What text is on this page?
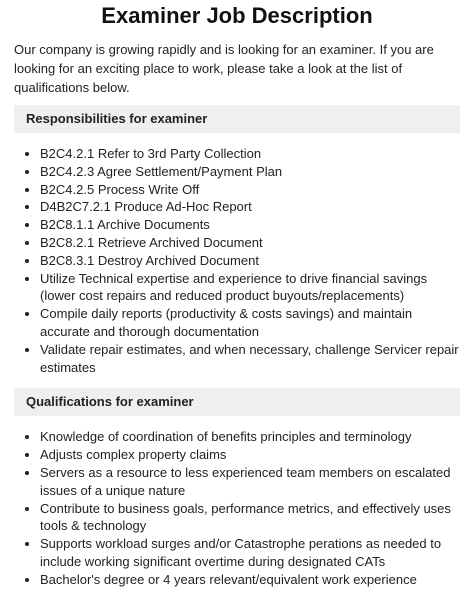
Examiner Job Description

Our company is growing rapidly and is looking for an examiner. If you are looking for an exciting place to work, please take a look at the list of qualifications below.

Responsibilities for examiner
• B2C4.2.1 Refer to 3rd Party Collection
• B2C4.2.3 Agree Settlement/Payment Plan
• B2C4.2.5 Process Write Off
• D4B2C7.2.1 Produce Ad-Hoc Report
• B2C8.1.1 Archive Documents
• B2C8.2.1 Retrieve Archived Document
• B2C8.3.1 Destroy Archived Document
• Utilize Technical expertise and experience to drive financial savings (lower cost repairs and reduced product buyouts/replacements)
• Compile daily reports (productivity & costs savings) and maintain accurate and thorough documentation
• Validate repair estimates, and when necessary, challenge Servicer repair estimates
Qualifications for examiner
• Knowledge of coordination of benefits principles and terminology
• Adjusts complex property claims
• Servers as a resource to less experienced team members on escalated issues of a unique nature
• Contribute to business goals, performance metrics, and effectively uses tools & technology
• Supports workload surges and/or Catastrophe perations as needed to include working significant overtime during designated CATs
• Bachelor's degree or 4 years relevant/equivalent work experience
